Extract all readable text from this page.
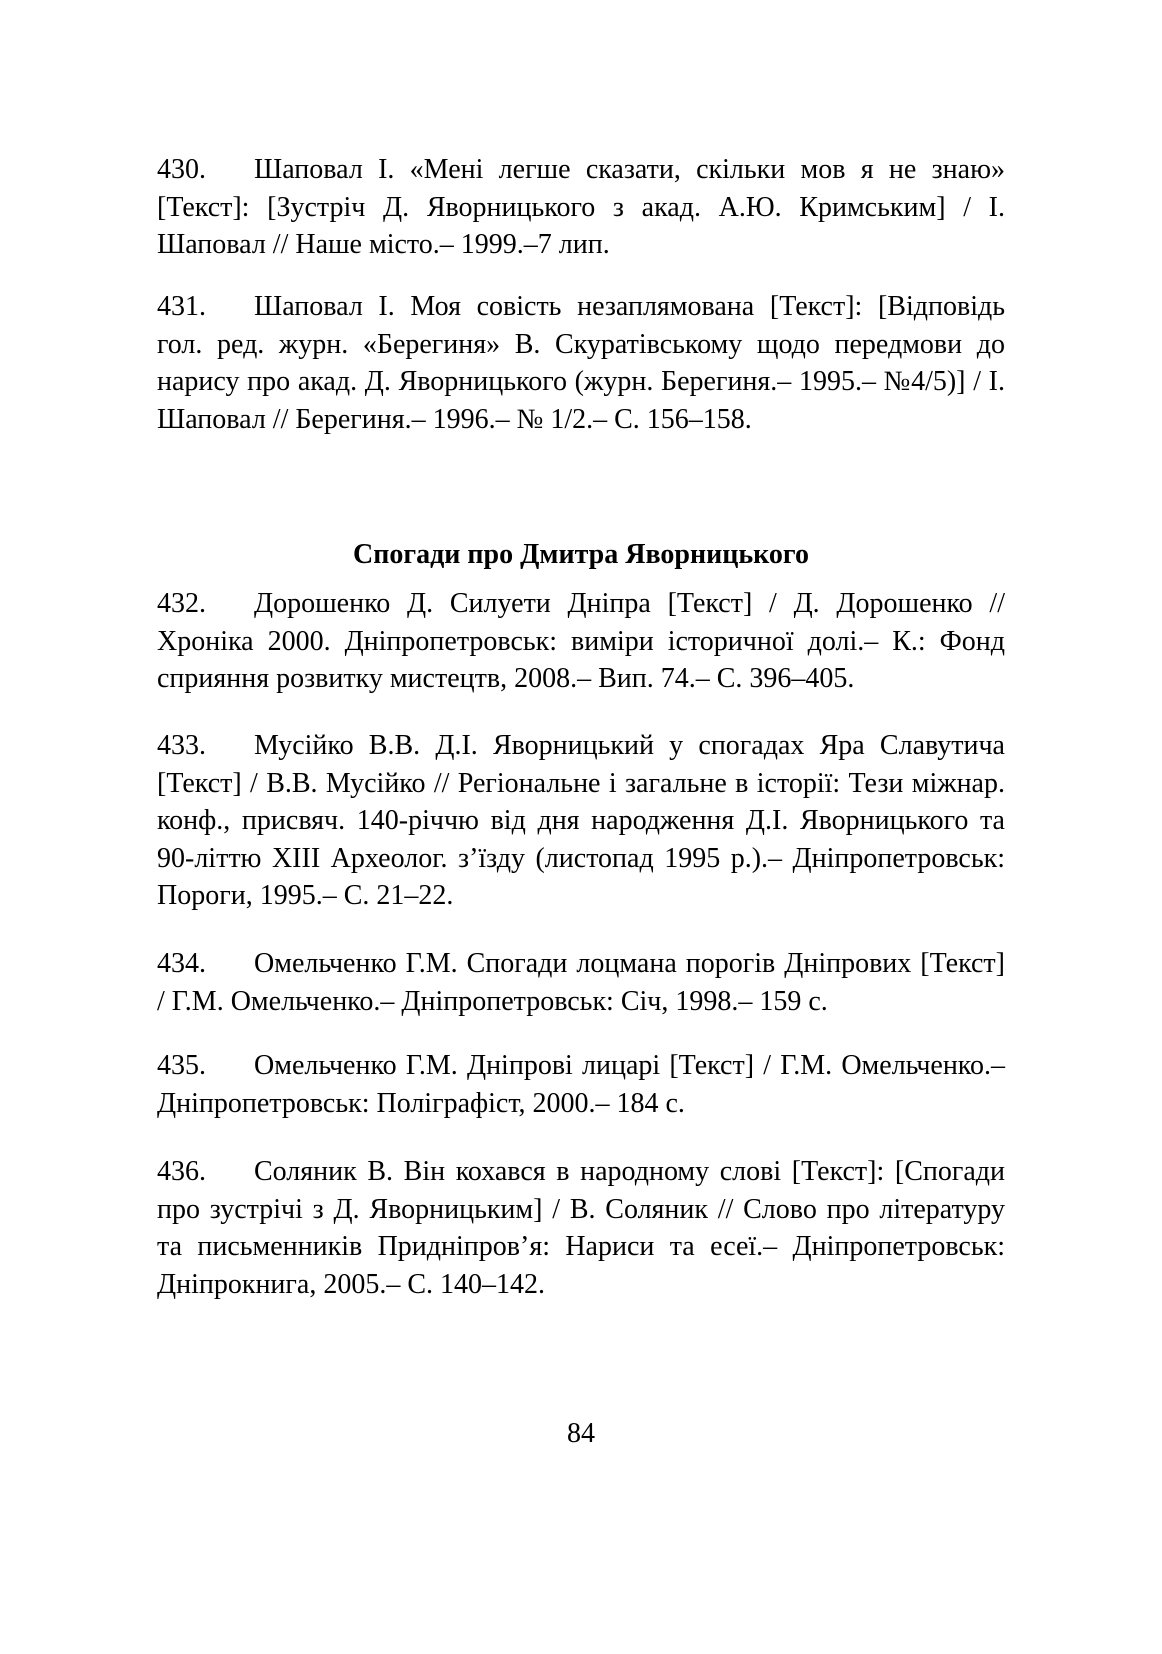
430. Шаповал І. «Мені легше сказати, скільки мов я не знаю» [Текст]: [Зустріч Д. Яворницького з акад. А.Ю. Кримським] / І. Шаповал // Наше місто.– 1999.–7 лип.

431. Шаповал І. Моя совість незаплямована [Текст]: [Відповідь гол. ред. журн. «Берегиня» В. Скуратівському щодо передмови до нарису про акад. Д. Яворницького (журн. Берегиня.– 1995.– №4/5)] / І. Шаповал // Берегиня.– 1996.– № 1/2.– С. 156–158.

Спогади про Дмитра Яворницького

432. Дорошенко Д. Силуети Дніпра [Текст] / Д. Дорошенко // Хроніка 2000. Дніпропетровськ: виміри історичної долі.– К.: Фонд сприяння розвитку мистецтв, 2008.– Вип. 74.– С. 396–405.

433. Мусійко В.В. Д.І. Яворницький у спогадах Яра Славутича [Текст] / В.В. Мусійко // Регіональне і загальне в історії: Тези міжнар. конф., присвяч. 140-річчю від дня народження Д.І. Яворницького та 90-літтю ХІІІ Археолог. з’їзду (листопад 1995 р.).– Дніпропетровськ: Пороги, 1995.– С. 21–22.

434. Омельченко Г.М. Спогади лоцмана порогів Дніпрових [Текст] / Г.М. Омельченко.– Дніпропетровськ: Січ, 1998.– 159 с.

435. Омельченко Г.М. Дніпрові лицарі [Текст] / Г.М. Омельченко.– Дніпропетровськ: Поліграфіст, 2000.– 184 с.

436. Соляник В. Він кохався в народному слові [Текст]: [Спогади про зустрічі з Д. Яворницьким] / В. Соляник // Слово про літературу та письменників Придніпров’я: Нариси та есеї.– Дніпропетровськ: Дніпрокнига, 2005.– С. 140–142.

84
